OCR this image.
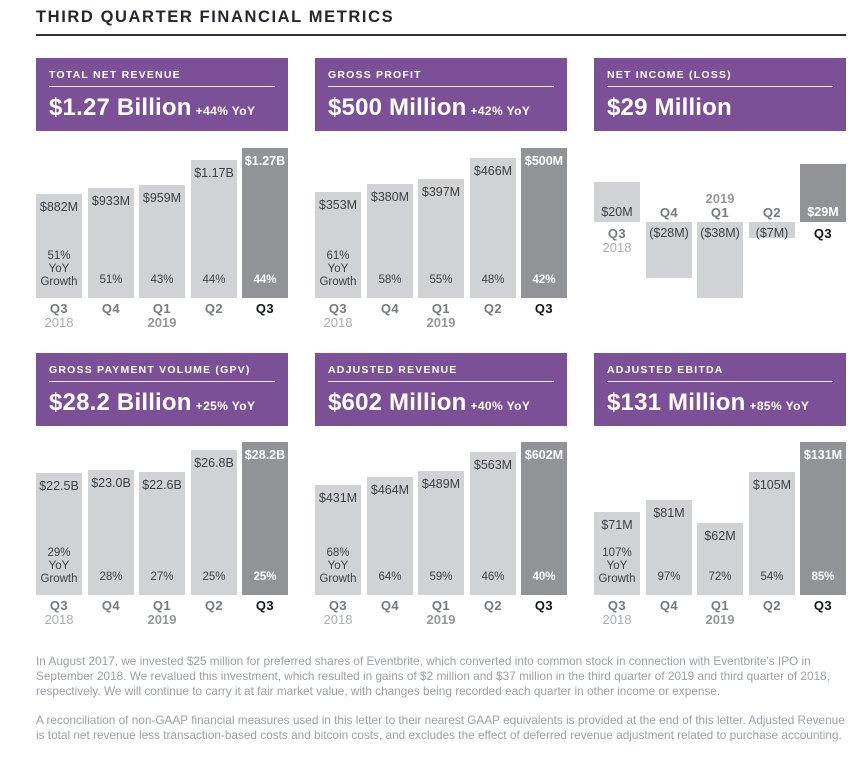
THIRD QUARTER FINANCIAL METRICS
TOTAL NET REVENUE
$1.27 Billion +44% YoY
$882M
51%
YoY
Growth
Q3
2018
$933M
51%
Q4
$959M
43%
Q1
2019
$1.17B
44%
Q2
$1.27B
44%
Q3
GROSS PROFIT
$500 Million +42% YoY
$353M
61%
YoY
Growth
Q3
2018
$380M
58%
Q4
$397M
55%
Q1
2019
$466M
48%
Q2
$500M
42%
Q3
NET INCOME (LOSS)
$29 Million
$20M
Q3
2018
($28M)
Q4
($38M)
Q1
2019
($7M)
Q2	$29M
Q3
GROSS PAYMENT VOLUME (GPV)
$28.2 Billion +25% YoY
$22.5B
29%
YoY
Growth
Q3
2018
$23.0B
28%
Q4
$22.6B
27%
Q1
2019
$26.8B
25%
Q2
$28.2B
25%
Q3
ADJUSTED REVENUE
$602 Million +40% YoY
$431M
68%
YoY
Growth
Q3
2018
$464M
64%
Q4
$489M
59%
Q1
2019
$563M
46%
Q2
$602M
40%
Q3
ADJUSTED EBITDA
$131 Million +85% YoY
$71M
107%
YoY
Growth
Q3
2018
$81M
97%
Q4
$62M
72%
Q1
2019
$105M
54%
Q2
$131M
85%
Q3

In August 2017, we invested $25 million for preferred shares of Eventbrite, which converted into common stock in connection with Eventbrite's IPO in September 2018. We revalued this investment, which resulted in gains of $2 million and $37 million in the third quarter of 2019 and third quarter of 2018, respectively. We will continue to carry it at fair market value, with changes being recorded each quarter in other income or expense.

A reconciliation of non-GAAP financial measures used in this letter to their nearest GAAP equivalents is provided at the end of this letter. Adjusted Revenue is total net revenue less transaction-based costs and bitcoin costs, and excludes the effect of deferred revenue adjustment related to purchase accounting.
